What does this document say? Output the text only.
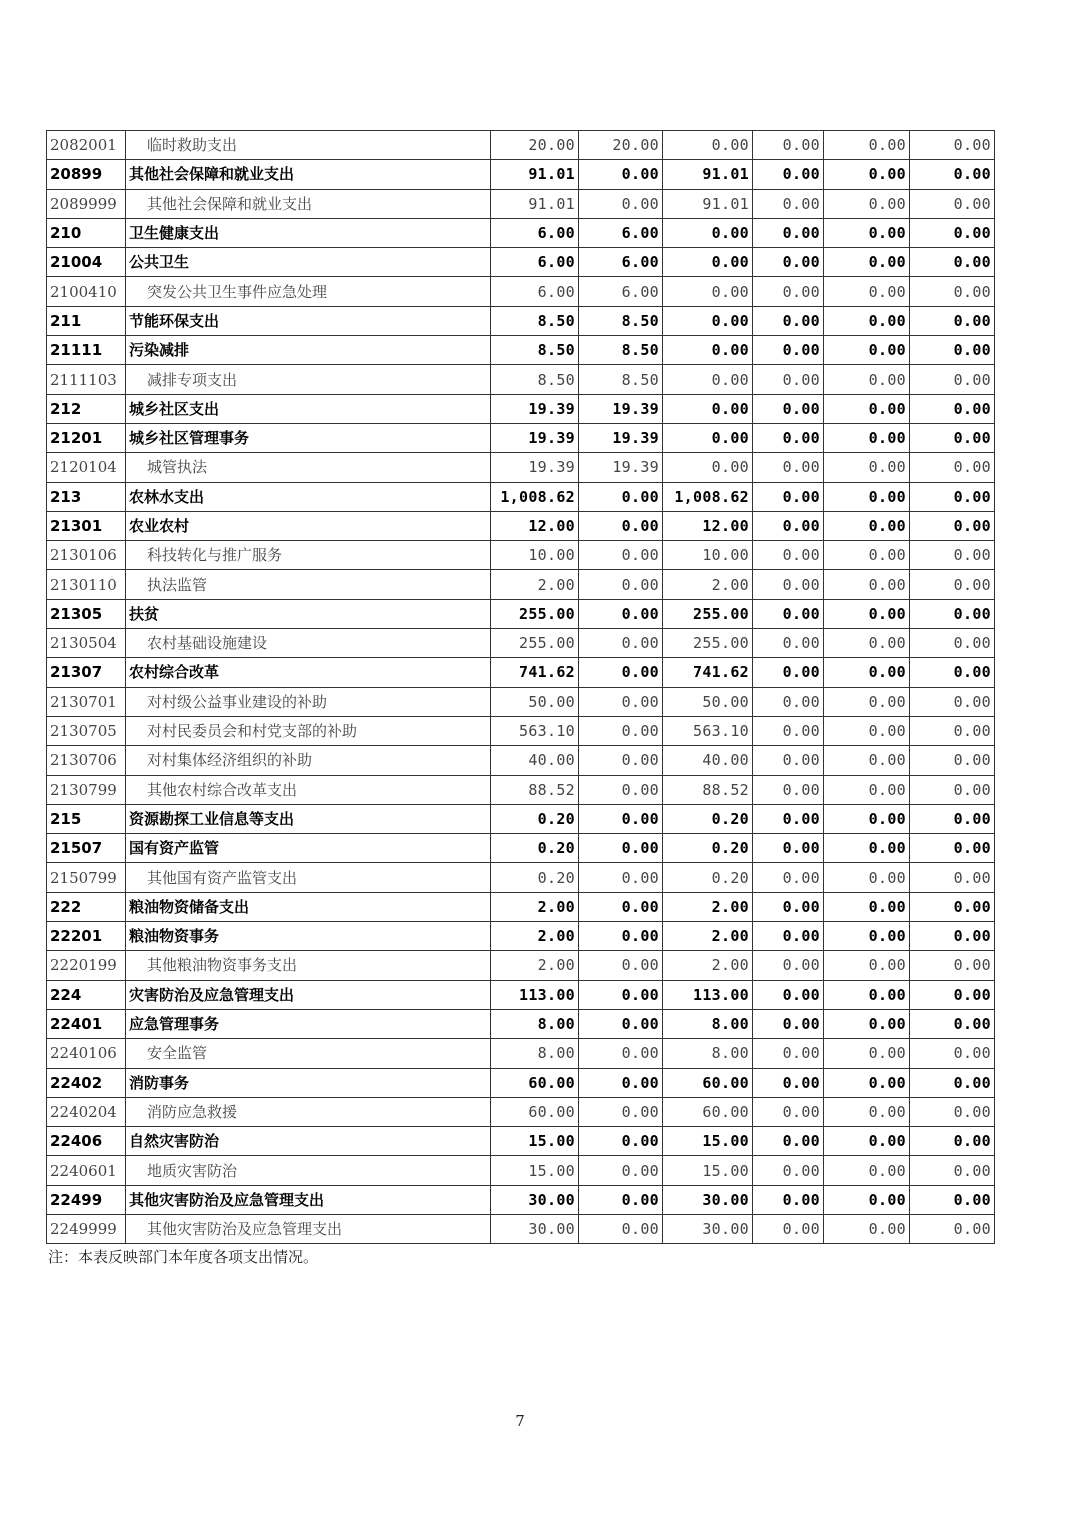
2082001	临时救助支出	20.00	20.00	0.00	0.00	0.00	0.00
20899	其他社会保障和就业支出	91.01	0.00	91.01	0.00	0.00	0.00
2089999	其他社会保障和就业支出	91.01	0.00	91.01	0.00	0.00	0.00
210	卫生健康支出	6.00	6.00	0.00	0.00	0.00	0.00
21004	公共卫生	6.00	6.00	0.00	0.00	0.00	0.00
2100410	突发公共卫生事件应急处理	6.00	6.00	0.00	0.00	0.00	0.00
211	节能环保支出	8.50	8.50	0.00	0.00	0.00	0.00
21111	污染减排	8.50	8.50	0.00	0.00	0.00	0.00
2111103	减排专项支出	8.50	8.50	0.00	0.00	0.00	0.00
212	城乡社区支出	19.39	19.39	0.00	0.00	0.00	0.00
21201	城乡社区管理事务	19.39	19.39	0.00	0.00	0.00	0.00
2120104	城管执法	19.39	19.39	0.00	0.00	0.00	0.00
213	农林水支出	1,008.62	0.00	1,008.62	0.00	0.00	0.00
21301	农业农村	12.00	0.00	12.00	0.00	0.00	0.00
2130106	科技转化与推广服务	10.00	0.00	10.00	0.00	0.00	0.00
2130110	执法监管	2.00	0.00	2.00	0.00	0.00	0.00
21305	扶贫	255.00	0.00	255.00	0.00	0.00	0.00
2130504	农村基础设施建设	255.00	0.00	255.00	0.00	0.00	0.00
21307	农村综合改革	741.62	0.00	741.62	0.00	0.00	0.00
2130701	对村级公益事业建设的补助	50.00	0.00	50.00	0.00	0.00	0.00
2130705	对村民委员会和村党支部的补助	563.10	0.00	563.10	0.00	0.00	0.00
2130706	对村集体经济组织的补助	40.00	0.00	40.00	0.00	0.00	0.00
2130799	其他农村综合改革支出	88.52	0.00	88.52	0.00	0.00	0.00
215	资源勘探工业信息等支出	0.20	0.00	0.20	0.00	0.00	0.00
21507	国有资产监管	0.20	0.00	0.20	0.00	0.00	0.00
2150799	其他国有资产监管支出	0.20	0.00	0.20	0.00	0.00	0.00
222	粮油物资储备支出	2.00	0.00	2.00	0.00	0.00	0.00
22201	粮油物资事务	2.00	0.00	2.00	0.00	0.00	0.00
2220199	其他粮油物资事务支出	2.00	0.00	2.00	0.00	0.00	0.00
224	灾害防治及应急管理支出	113.00	0.00	113.00	0.00	0.00	0.00
22401	应急管理事务	8.00	0.00	8.00	0.00	0.00	0.00
2240106	安全监管	8.00	0.00	8.00	0.00	0.00	0.00
22402	消防事务	60.00	0.00	60.00	0.00	0.00	0.00
2240204	消防应急救援	60.00	0.00	60.00	0.00	0.00	0.00
22406	自然灾害防治	15.00	0.00	15.00	0.00	0.00	0.00
2240601	地质灾害防治	15.00	0.00	15.00	0.00	0.00	0.00
22499	其他灾害防治及应急管理支出	30.00	0.00	30.00	0.00	0.00	0.00
2249999	其他灾害防治及应急管理支出	30.00	0.00	30.00	0.00	0.00	0.00
注：本表反映部门本年度各项支出情况。
7
